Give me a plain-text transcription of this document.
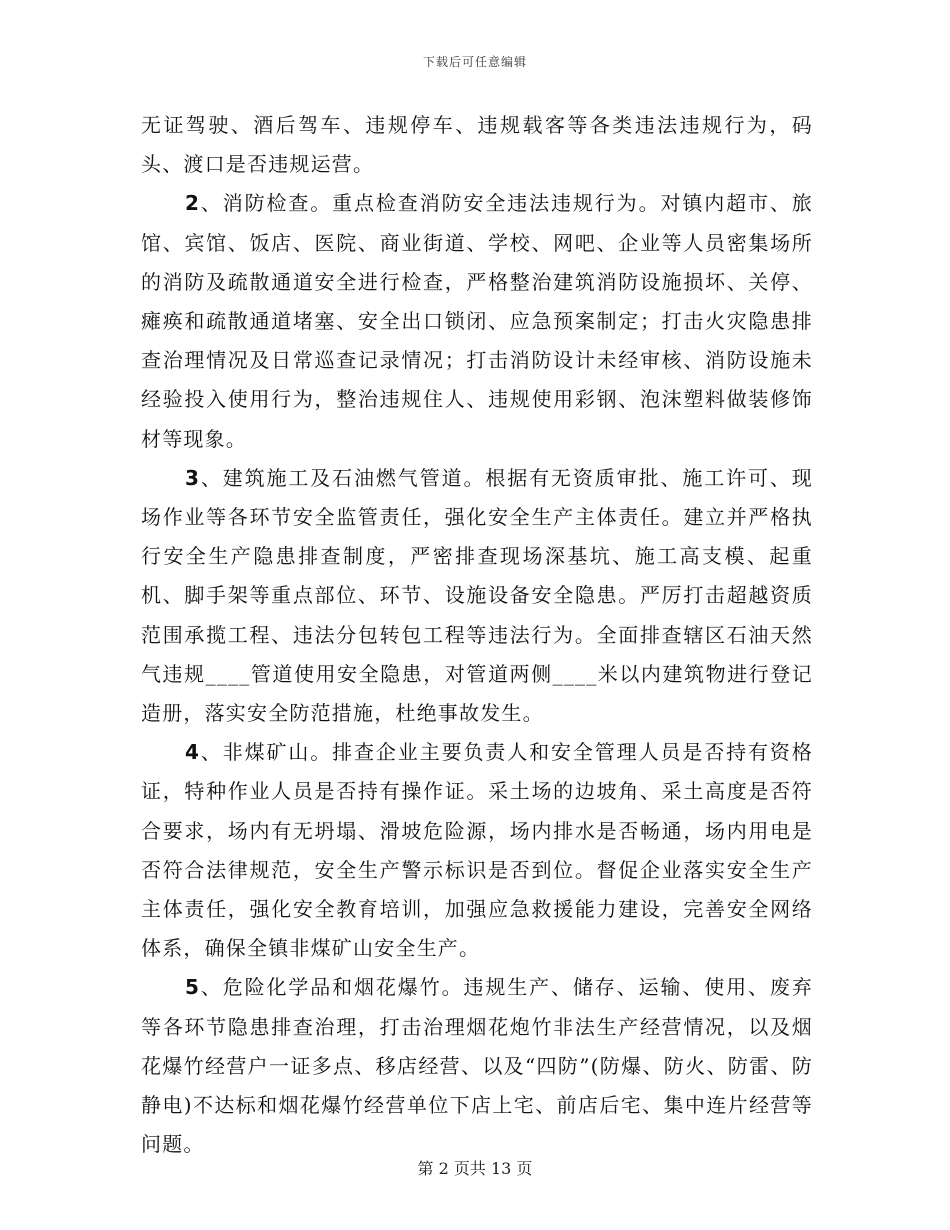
下载后可任意编辑

无证驾驶、酒后驾车、违规停车、违规载客等各类违法违规行为，码头、渡口是否违规运营。

2、消防检查。重点检查消防安全违法违规行为。对镇内超市、旅馆、宾馆、饭店、医院、商业街道、学校、网吧、企业等人员密集场所的消防及疏散通道安全进行检查，严格整治建筑消防设施损坏、关停、瘫痪和疏散通道堵塞、安全出口锁闭、应急预案制定；打击火灾隐患排查治理情况及日常巡查记录情况；打击消防设计未经审核、消防设施未经验投入使用行为，整治违规住人、违规使用彩钢、泡沫塑料做装修饰材等现象。

3、建筑施工及石油燃气管道。根据有无资质审批、施工许可、现场作业等各环节安全监管责任，强化安全生产主体责任。建立并严格执行安全生产隐患排查制度，严密排查现场深基坑、施工高支模、起重机、脚手架等重点部位、环节、设施设备安全隐患。严厉打击超越资质范围承揽工程、违法分包转包工程等违法行为。全面排查辖区石油天然气违规____管道使用安全隐患，对管道两侧____米以内建筑物进行登记造册，落实安全防范措施，杜绝事故发生。

4、非煤矿山。排查企业主要负责人和安全管理人员是否持有资格证，特种作业人员是否持有操作证。采土场的边坡角、采土高度是否符合要求，场内有无坍塌、滑坡危险源，场内排水是否畅通，场内用电是否符合法律规范，安全生产警示标识是否到位。督促企业落实安全生产主体责任，强化安全教育培训，加强应急救援能力建设，完善安全网络体系，确保全镇非煤矿山安全生产。

5、危险化学品和烟花爆竹。违规生产、储存、运输、使用、废弃等各环节隐患排查治理，打击治理烟花炮竹非法生产经营情况，以及烟花爆竹经营户一证多点、移店经营、以及“四防”(防爆、防火、防雷、防静电)不达标和烟花爆竹经营单位下店上宅、前店后宅、集中连片经营等问题。

第 2 页共 13 页
